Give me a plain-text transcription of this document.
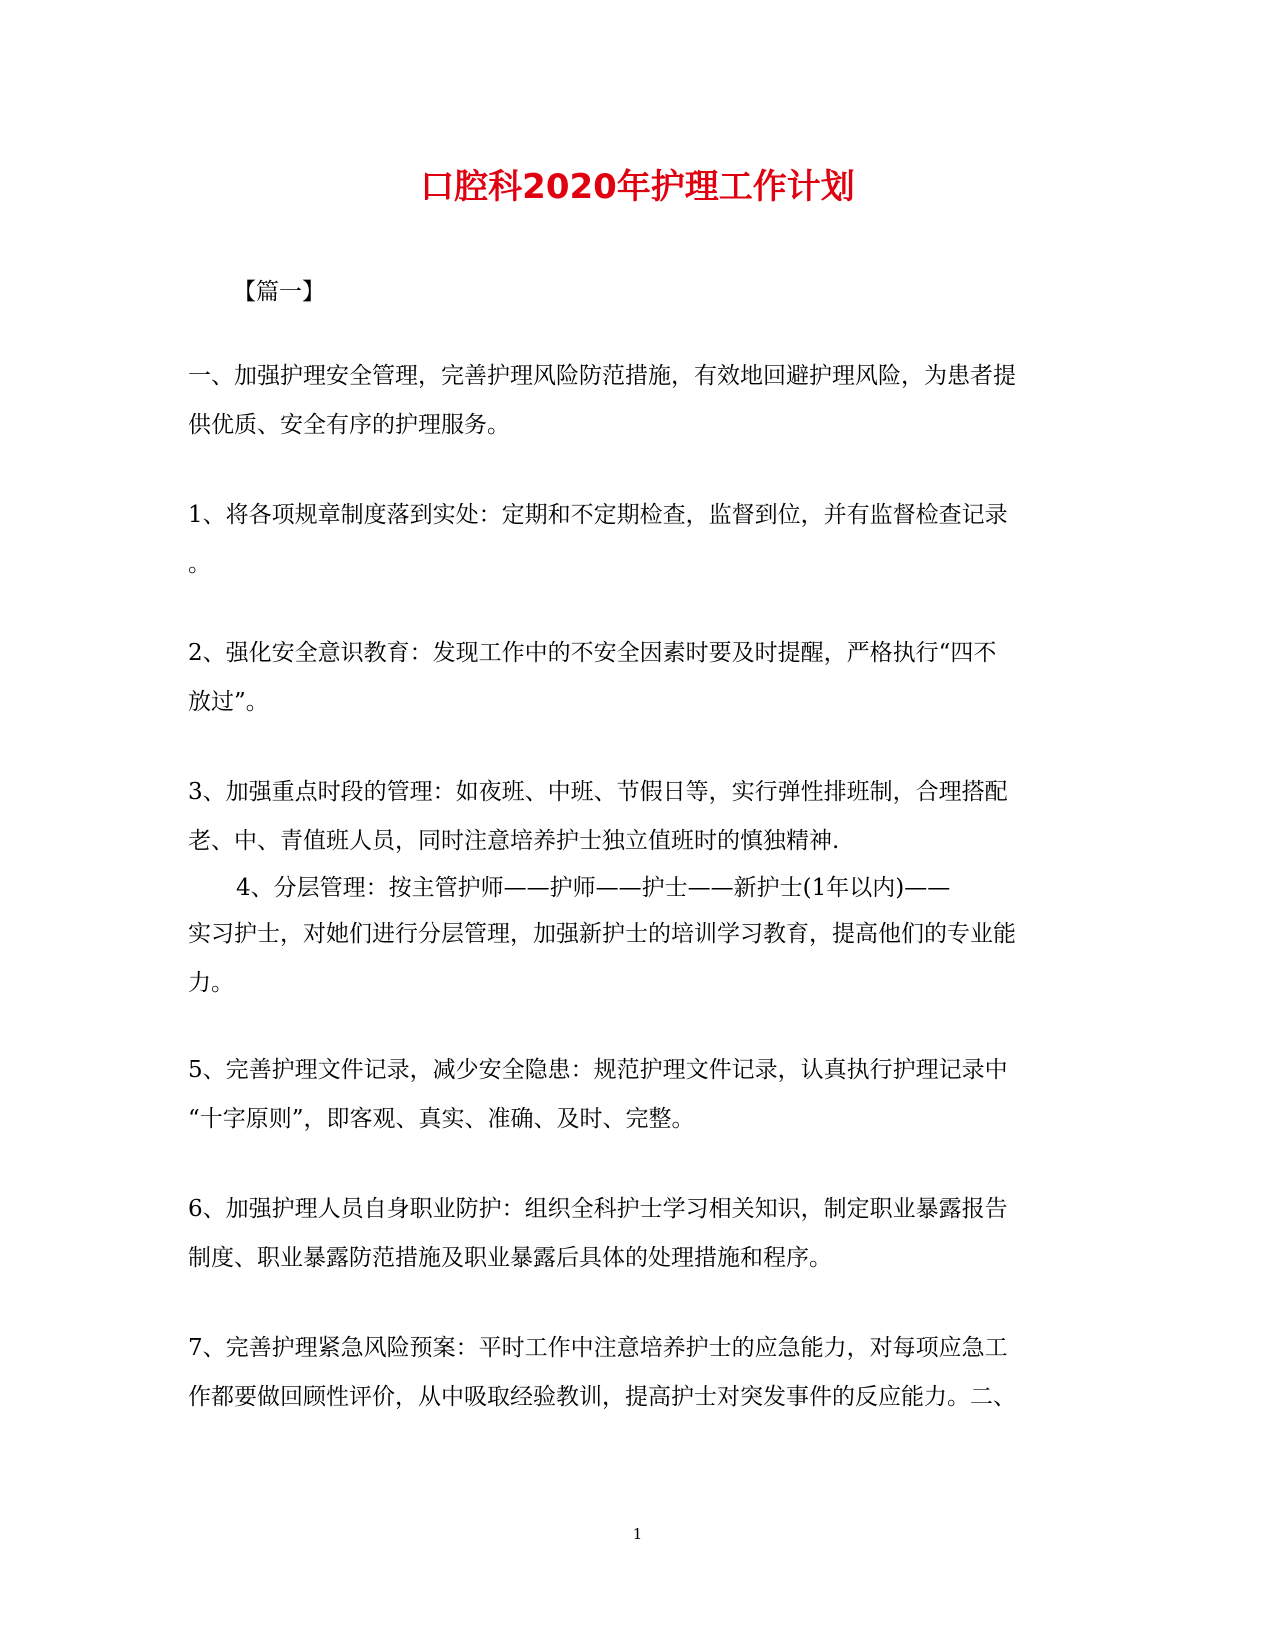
口腔科2020年护理工作计划
【篇一】
一、加强护理安全管理，完善护理风险防范措施，有效地回避护理风险，为患者提
供优质、安全有序的护理服务。
1、将各项规章制度落到实处：定期和不定期检查，监督到位，并有监督检查记录
。
2、强化安全意识教育：发现工作中的不安全因素时要及时提醒，严格执行“四不
放过”。
3、加强重点时段的管理：如夜班、中班、节假日等，实行弹性排班制，合理搭配
老、中、青值班人员，同时注意培养护士独立值班时的慎独精神.
4、分层管理：按主管护师——护师——护士——新护士(1年以内)——
实习护士，对她们进行分层管理，加强新护士的培训学习教育，提高他们的专业能
力。
5、完善护理文件记录，减少安全隐患：规范护理文件记录，认真执行护理记录中
“十字原则”，即客观、真实、准确、及时、完整。
6、加强护理人员自身职业防护：组织全科护士学习相关知识，制定职业暴露报告
制度、职业暴露防范措施及职业暴露后具体的处理措施和程序。
7、完善护理紧急风险预案：平时工作中注意培养护士的应急能力，对每项应急工
作都要做回顾性评价，从中吸取经验教训，提高护士对突发事件的反应能力。二、
1
